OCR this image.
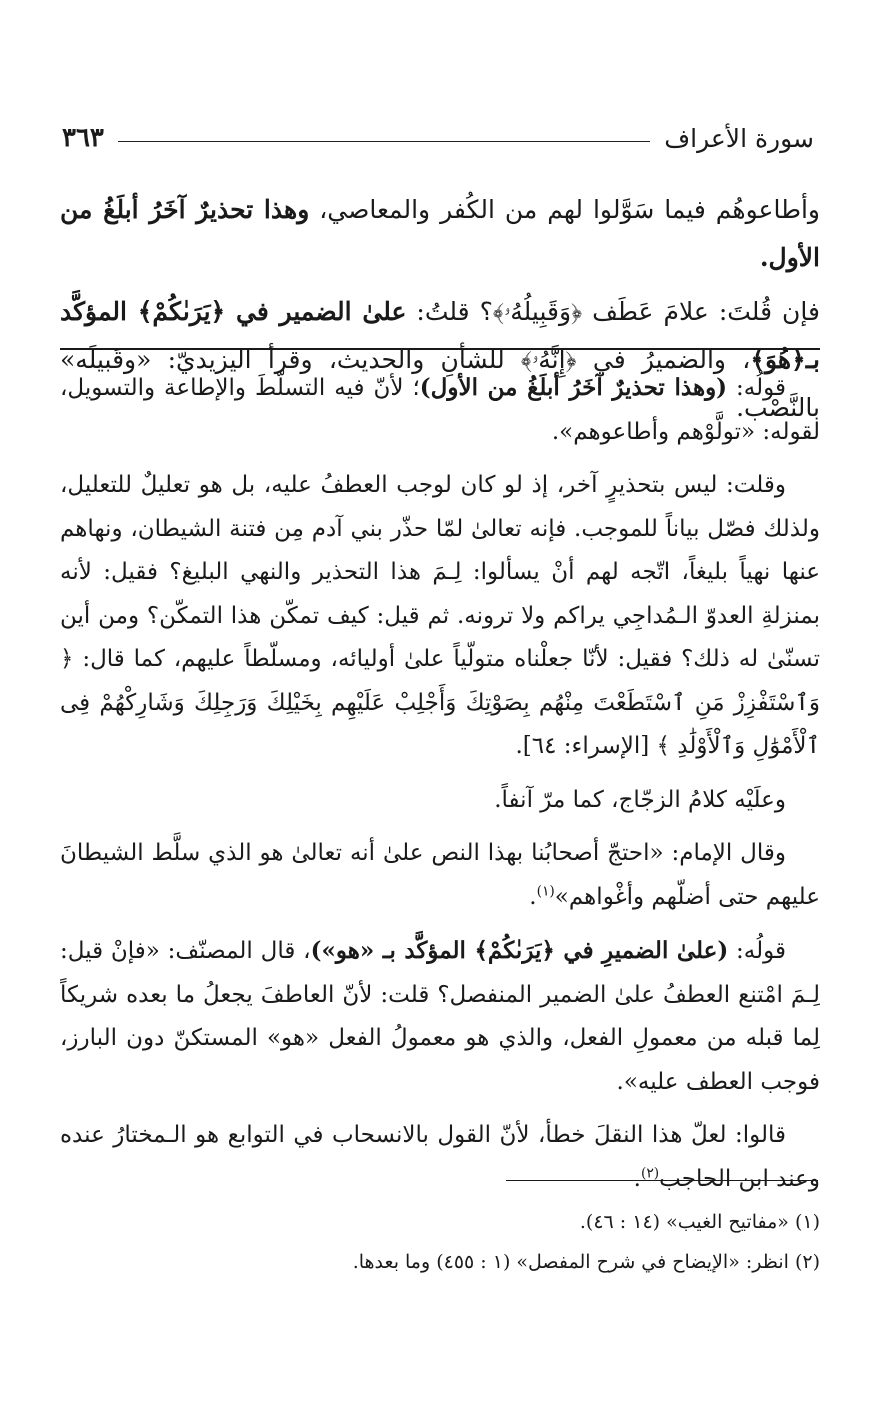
سورة الأعراف
٣٦٣

وأطاعوهُم فيما سَوَّلوا لهم من الكُفر والمعاصي، وهذا تحذيرٌ آخَرُ أبلَغُ من الأول.

فإن قُلتَ: علامَ عَطَف ﴿وَقَبِيلُهُۥ﴾؟ قلتُ: علىٰ الضمير في ﴿يَرَىٰكُمْ﴾ المؤكَّد بـ﴿هُوَ﴾، والضميرُ في ﴿إِنَّهُۥ﴾ للشأنِ والحديث، وقرأ اليزيديّ: «وقَبيلَه» بالنَّصْب.

قولُه: (وهذا تحذيرٌ آخَرُ أبلَغُ من الأول)؛ لأنّ فيه التسلّطَ والإطاعة والتسويل، لقوله: «تولَّوْهم وأطاعوهم».

وقلت: ليس بتحذيرٍ آخر، إذ لو كان لوجب العطفُ عليه، بل هو تعليلٌ للتعليل، ولذلك فصّل بياناً للموجب. فإنه تعالىٰ لمّا حذّر بني آدم مِن فتنة الشيطان، ونهاهم عنها نهياً بليغاً، اتّجه لهم أنْ يسألوا: لِـمَ هذا التحذير والنهي البليغ؟ فقيل: لأنه بمنزلةِ العدوّ الـمُداجِي يراكم ولا ترونه. ثم قيل: كيف تمكّن هذا التمكّن؟ ومن أين تسنّىٰ له ذلك؟ فقيل: لأنّا جعلْناه متولّياً علىٰ أوليائه، ومسلّطاً عليهم، كما قال: ﴿ وَٱسْتَفْزِزْ مَنِ ٱسْتَطَعْتَ مِنْهُم بِصَوْتِكَ وَأَجْلِبْ عَلَيْهِم بِخَيْلِكَ وَرَجِلِكَ وَشَارِكْهُمْ فِى ٱلْأَمْوَٰلِ وَٱلْأَوْلَٰدِ ﴾ [الإسراء: ٦٤].

وعلَيْه كلامُ الزجّاج، كما مرّ آنفاً.

وقال الإمام: «احتجّ أصحابُنا بهذا النص علىٰ أنه تعالىٰ هو الذي سلَّط الشيطانَ عليهم حتى أضلّهم وأغْواهم»$^{(١)}$.

قولُه: (علىٰ الضميرِ في ﴿يَرَىٰكُمْ﴾ المؤكَّد بـ «هو»)، قال المصنّف: «فإنْ قيل: لِـمَ امْتنع العطفُ علىٰ الضمير المنفصل؟ قلت: لأنّ العاطفَ يجعلُ ما بعده شريكاً لِما قبله من معمولِ الفعل، والذي هو معمولُ الفعل «هو» المستكنّ دون البارز، فوجب العطف عليه».

قالوا: لعلّ هذا النقلَ خطأ، لأنّ القول بالانسحاب في التوابع هو الـمختارُ عنده وعند ابن الحاجب$^{(٢)}$.

(١) «مفاتيح الغيب» (١٤ : ٤٦).

(٢) انظر: «الإيضاح في شرح المفصل» (١ : ٤٥٥) وما بعدها.
